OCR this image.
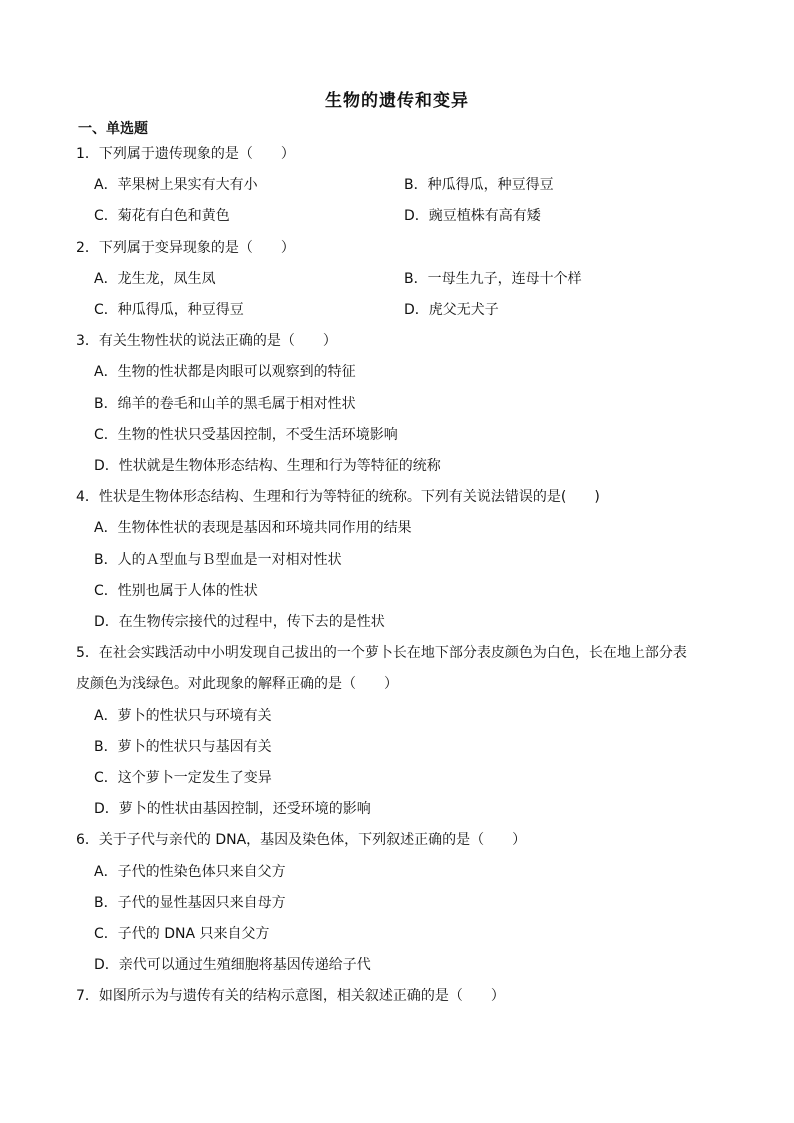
生物的遗传和变异
一、单选题
1．下列属于遗传现象的是（　　）
A．苹果树上果实有大有小	B．种瓜得瓜，种豆得豆
C．菊花有白色和黄色	D．豌豆植株有高有矮
2．下列属于变异现象的是（　　）
A．龙生龙，凤生凤	B．一母生九子，连母十个样
C．种瓜得瓜，种豆得豆	D．虎父无犬子
3．有关生物性状的说法正确的是（　　）
A．生物的性状都是肉眼可以观察到的特征
B．绵羊的卷毛和山羊的黑毛属于相对性状
C．生物的性状只受基因控制，不受生活环境影响
D．性状就是生物体形态结构、生理和行为等特征的统称
4．性状是生物体形态结构、生理和行为等特征的统称。下列有关说法错误的是(　　)
A．生物体性状的表现是基因和环境共同作用的结果
B．人的Ａ型血与Ｂ型血是一对相对性状
C．性别也属于人体的性状
D．在生物传宗接代的过程中，传下去的是性状
5．在社会实践活动中小明发现自己拔出的一个萝卜长在地下部分表皮颜色为白色，长在地上部分表
皮颜色为浅绿色。对此现象的解释正确的是（　　）
A．萝卜的性状只与环境有关
B．萝卜的性状只与基因有关
C．这个萝卜一定发生了变异
D．萝卜的性状由基因控制，还受环境的影响
6．关于子代与亲代的 DNA，基因及染色体，下列叙述正确的是（　　）
A．子代的性染色体只来自父方
B．子代的显性基因只来自母方
C．子代的 DNA 只来自父方
D．亲代可以通过生殖细胞将基因传递给子代
7．如图所示为与遗传有关的结构示意图，相关叙述正确的是（　　）
